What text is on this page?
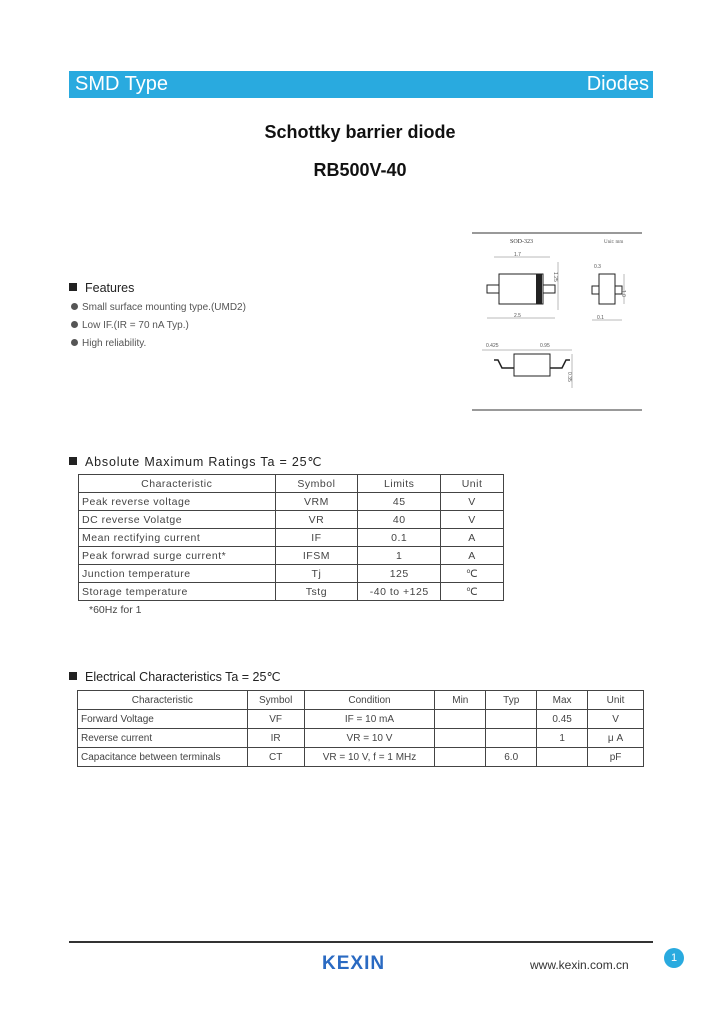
SMD Type	Diodes
Schottky barrier diode
RB500V-40
SOD-323	Unit: mm
1.7
2.5
1.25
0.3
1.0
0.1
0.425	0.95
0.35
Features
Small surface mounting type.(UMD2)
Low IF.(IR = 70 nA Typ.)
High reliability.
Absolute Maximum Ratings Ta = 25℃
Characteristic	Symbol	Limits	Unit
Peak reverse voltage	VRM	45	V
DC reverse Volatge	VR	40	V
Mean rectifying current	IF	0.1	A
Peak forwrad surge current*	IFSM	1	A
Junction temperature	Tj	125	℃
Storage temperature	Tstg	-40 to +125	℃
*60Hz for 1
Electrical Characteristics Ta = 25℃
Characteristic	Symbol	Condition	Min	Typ	Max	Unit
Forward Voltage	VF	IF = 10 mA			0.45	V
Reverse current	IR	VR = 10 V			1	μ A
Capacitance between terminals	CT	VR = 10 V, f = 1 MHz		6.0		pF
KEXIN	www.kexin.com.cn	1
